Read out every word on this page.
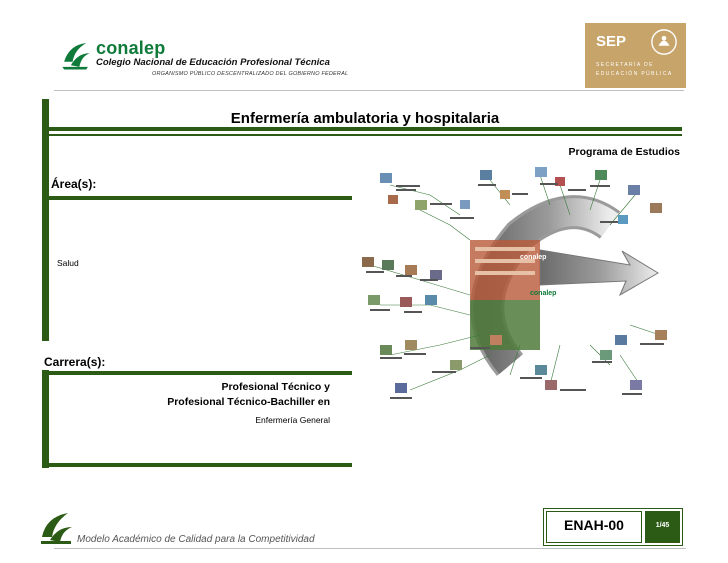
conalep
Colegio Nacional de Educación Profesional Técnica
ORGANISMO PÚBLICO DESCENTRALIZADO DEL GOBIERNO FEDERAL
SEP
SECRETARÍA DE
EDUCACIÓN PÚBLICA
Enfermería ambulatoria y hospitalaria
Programa de Estudios
Área(s):
Salud
Carrera(s):
Profesional Técnico y
Profesional Técnico-Bachiller en
Enfermería General
conalep
conalep
Modelo Académico de Calidad para la Competitividad
ENAH-00	1/45
